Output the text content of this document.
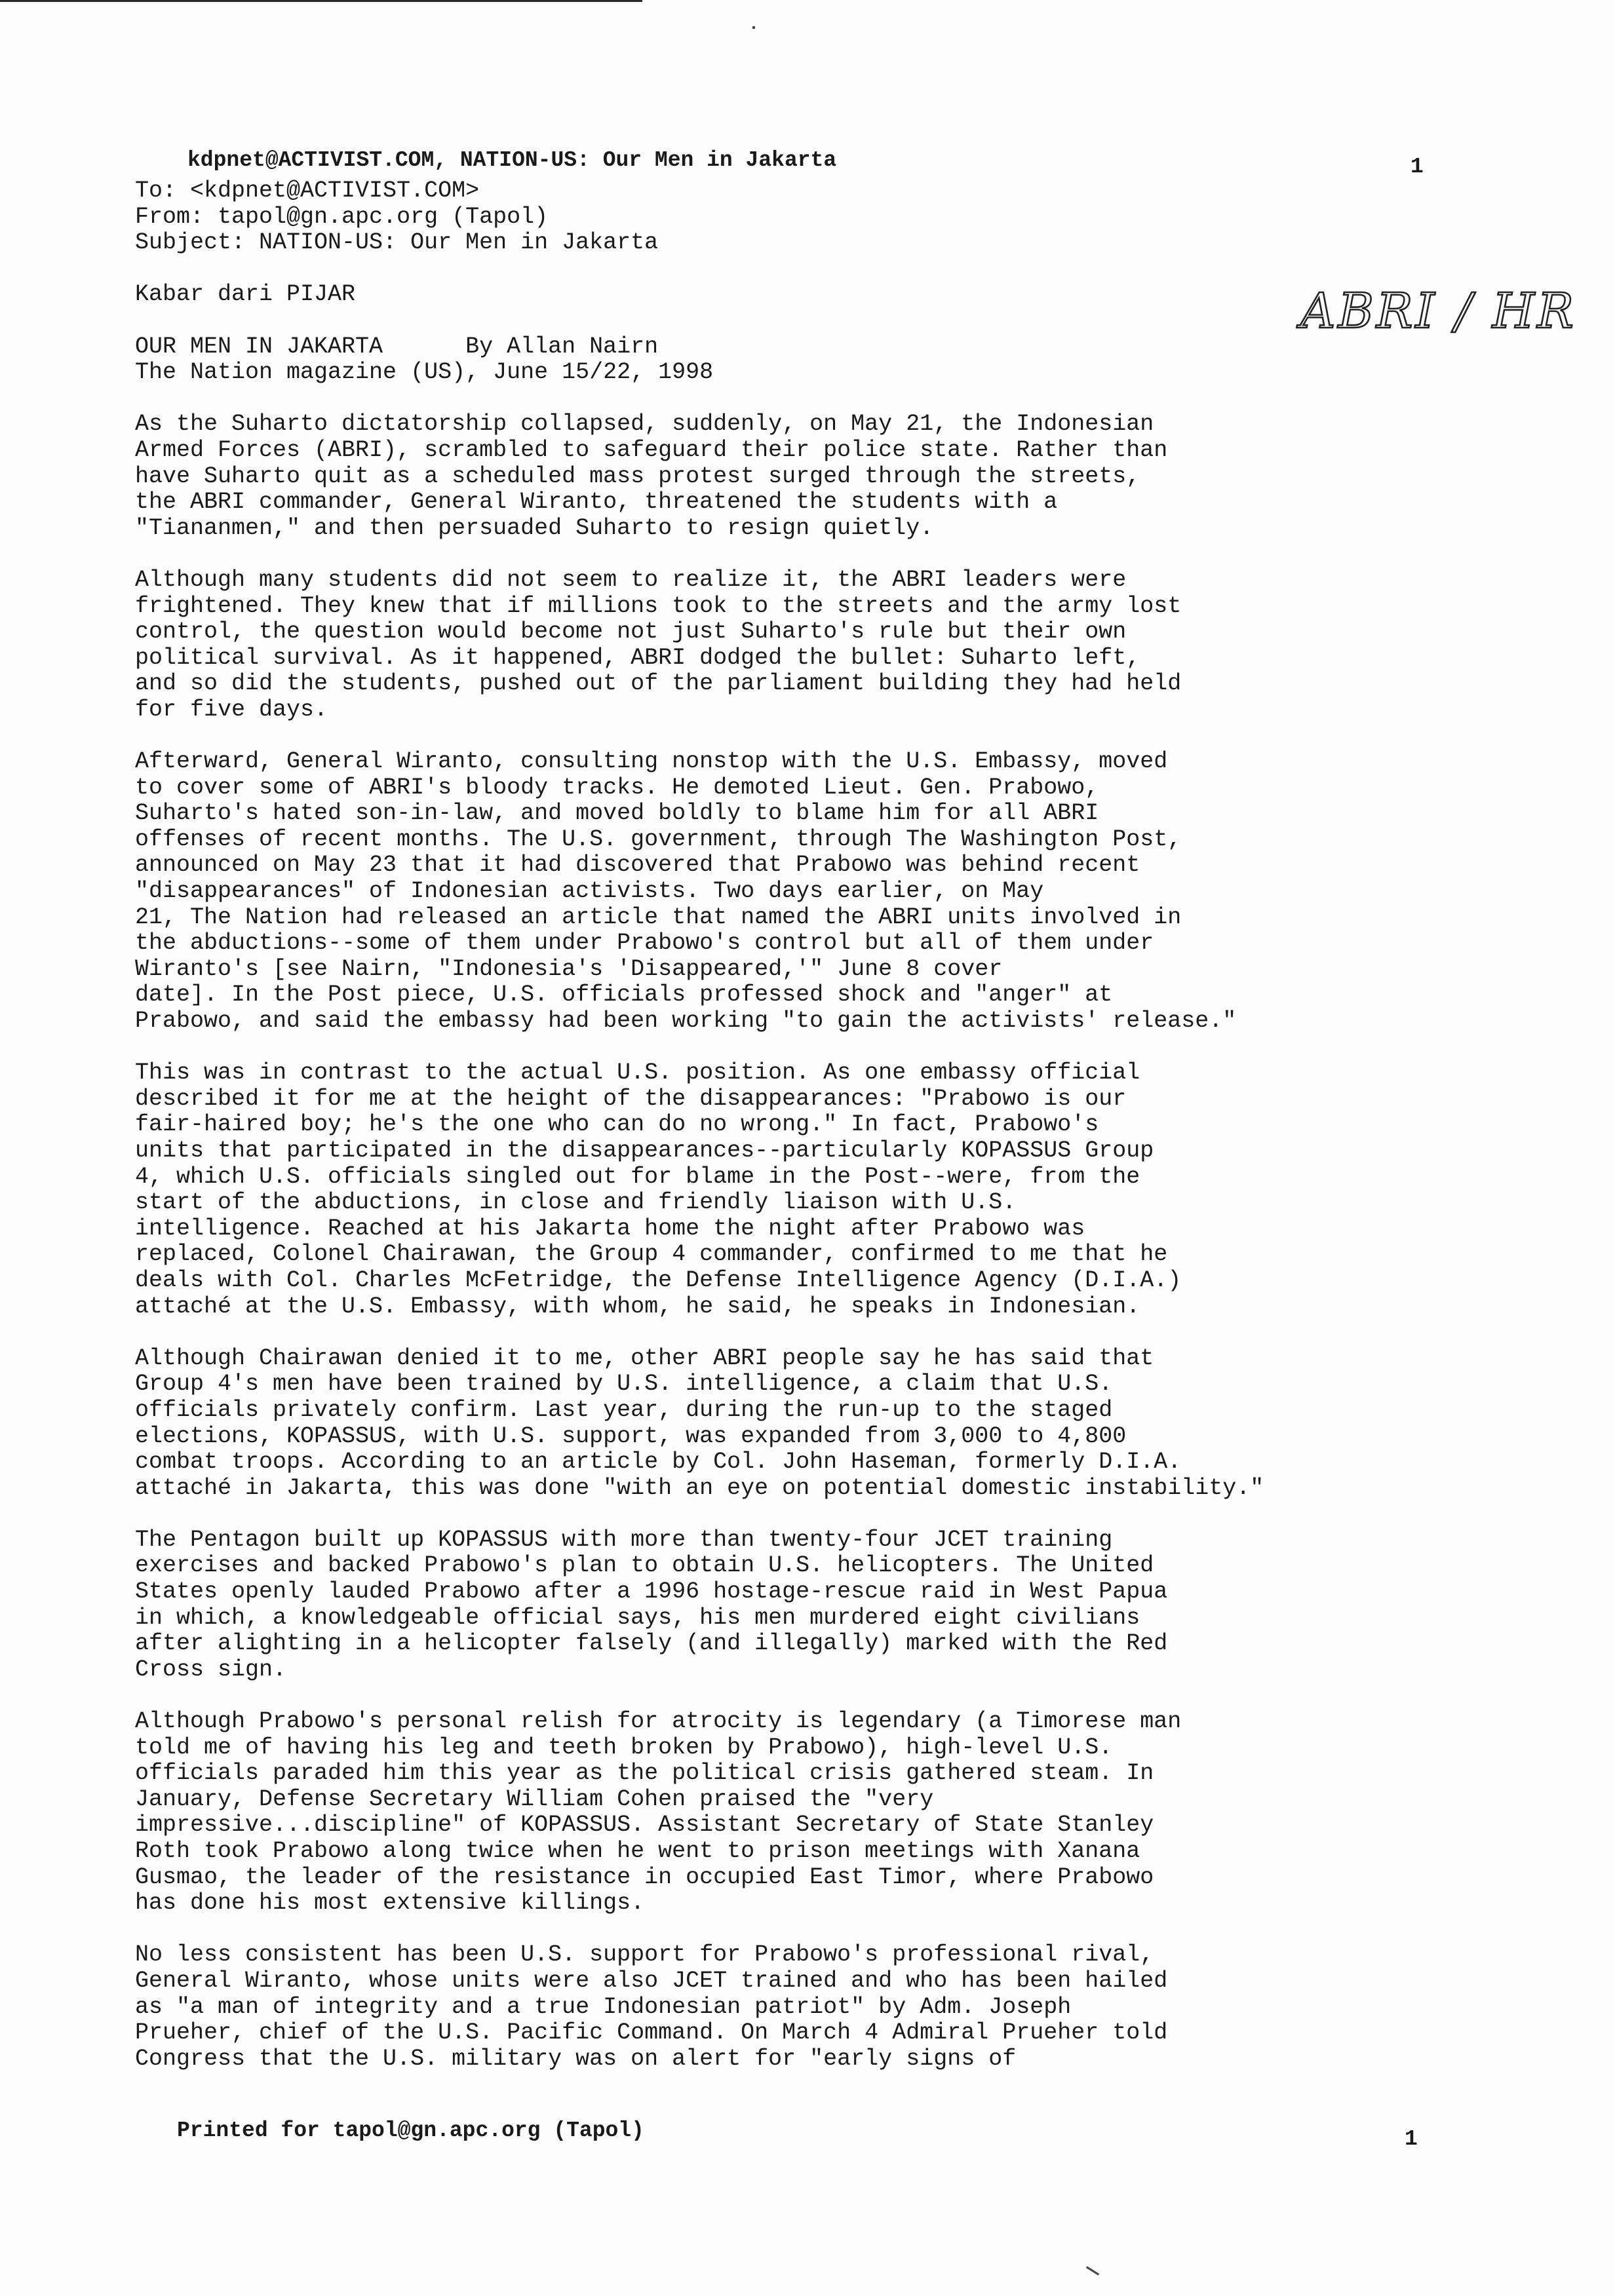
kdpnet@ACTIVIST.COM, NATION-US: Our Men in Jakarta	1
To: <kdpnet@ACTIVIST.COM>
From: tapol@gn.apc.org (Tapol)
Subject: NATION-US: Our Men in Jakarta
Kabar dari PIJAR
OUR MEN IN JAKARTA      By Allan Nairn
The Nation magazine (US), June 15/22, 1998
As the Suharto dictatorship collapsed, suddenly, on May 21, the Indonesian
Armed Forces (ABRI), scrambled to safeguard their police state. Rather than
have Suharto quit as a scheduled mass protest surged through the streets,
the ABRI commander, General Wiranto, threatened the students with a
"Tiananmen," and then persuaded Suharto to resign quietly.
Although many students did not seem to realize it, the ABRI leaders were
frightened. They knew that if millions took to the streets and the army lost
control, the question would become not just Suharto's rule but their own
political survival. As it happened, ABRI dodged the bullet: Suharto left,
and so did the students, pushed out of the parliament building they had held
for five days.
Afterward, General Wiranto, consulting nonstop with the U.S. Embassy, moved
to cover some of ABRI's bloody tracks. He demoted Lieut. Gen. Prabowo,
Suharto's hated son-in-law, and moved boldly to blame him for all ABRI
offenses of recent months. The U.S. government, through The Washington Post,
announced on May 23 that it had discovered that Prabowo was behind recent
"disappearances" of Indonesian activists. Two days earlier, on May
21, The Nation had released an article that named the ABRI units involved in
the abductions--some of them under Prabowo's control but all of them under
Wiranto's [see Nairn, "Indonesia's 'Disappeared,'" June 8 cover
date]. In the Post piece, U.S. officials professed shock and "anger" at
Prabowo, and said the embassy had been working "to gain the activists' release."
This was in contrast to the actual U.S. position. As one embassy official
described it for me at the height of the disappearances: "Prabowo is our
fair-haired boy; he's the one who can do no wrong." In fact, Prabowo's
units that participated in the disappearances--particularly KOPASSUS Group
4, which U.S. officials singled out for blame in the Post--were, from the
start of the abductions, in close and friendly liaison with U.S.
intelligence. Reached at his Jakarta home the night after Prabowo was
replaced, Colonel Chairawan, the Group 4 commander, confirmed to me that he
deals with Col. Charles McFetridge, the Defense Intelligence Agency (D.I.A.)
attaché at the U.S. Embassy, with whom, he said, he speaks in Indonesian.
Although Chairawan denied it to me, other ABRI people say he has said that
Group 4's men have been trained by U.S. intelligence, a claim that U.S.
officials privately confirm. Last year, during the run-up to the staged
elections, KOPASSUS, with U.S. support, was expanded from 3,000 to 4,800
combat troops. According to an article by Col. John Haseman, formerly D.I.A.
attaché in Jakarta, this was done "with an eye on potential domestic instability."
The Pentagon built up KOPASSUS with more than twenty-four JCET training
exercises and backed Prabowo's plan to obtain U.S. helicopters. The United
States openly lauded Prabowo after a 1996 hostage-rescue raid in West Papua
in which, a knowledgeable official says, his men murdered eight civilians
after alighting in a helicopter falsely (and illegally) marked with the Red
Cross sign.
Although Prabowo's personal relish for atrocity is legendary (a Timorese man
told me of having his leg and teeth broken by Prabowo), high-level U.S.
officials paraded him this year as the political crisis gathered steam. In
January, Defense Secretary William Cohen praised the "very
impressive...discipline" of KOPASSUS. Assistant Secretary of State Stanley
Roth took Prabowo along twice when he went to prison meetings with Xanana
Gusmao, the leader of the resistance in occupied East Timor, where Prabowo
has done his most extensive killings.
No less consistent has been U.S. support for Prabowo's professional rival,
General Wiranto, whose units were also JCET trained and who has been hailed
as "a man of integrity and a true Indonesian patriot" by Adm. Joseph
Prueher, chief of the U.S. Pacific Command. On March 4 Admiral Prueher told
Congress that the U.S. military was on alert for "early signs of
ABRI / HR
Printed for tapol@gn.apc.org (Tapol)	1
